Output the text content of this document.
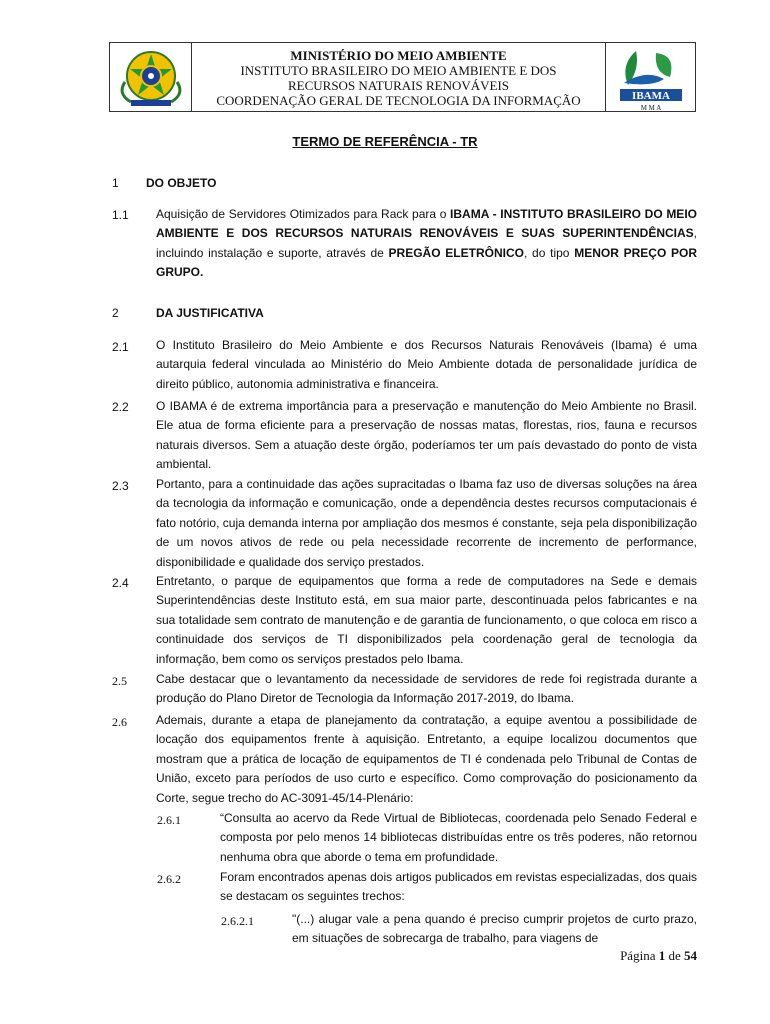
MINISTÉRIO DO MEIO AMBIENTE
INSTITUTO BRASILEIRO DO MEIO AMBIENTE E DOS
RECURSOS NATURAIS RENOVÁVEIS
COORDENAÇÃO GERAL DE TECNOLOGIA DA INFORMAÇÃO	IBAMA
M M A
TERMO DE REFERÊNCIA - TR
1 DO OBJETO
1.1 Aquisição de Servidores Otimizados para Rack para o IBAMA - INSTITUTO BRASILEIRO DO MEIO AMBIENTE E DOS RECURSOS NATURAIS RENOVÁVEIS E SUAS SUPERINTENDÊNCIAS, incluindo instalação e suporte, através de PREGÃO ELETRÔNICO, do tipo MENOR PREÇO POR GRUPO.
2	DA JUSTIFICATIVA
2.1 O Instituto Brasileiro do Meio Ambiente e dos Recursos Naturais Renováveis (Ibama) é uma autarquia federal vinculada ao Ministério do Meio Ambiente dotada de personalidade jurídica de direito público, autonomia administrativa e financeira.
2.2 O IBAMA é de extrema importância para a preservação e manutenção do Meio Ambiente no Brasil. Ele atua de forma eficiente para a preservação de nossas matas, florestas, rios, fauna e recursos naturais diversos. Sem a atuação deste órgão, poderíamos ter um país devastado do ponto de vista ambiental.
2.3 Portanto, para a continuidade das ações supracitadas o Ibama faz uso de diversas soluções na área da tecnologia da informação e comunicação, onde a dependência destes recursos computacionais é fato notório, cuja demanda interna por ampliação dos mesmos é constante, seja pela disponibilização de um novos ativos de rede ou pela necessidade recorrente de incremento de performance, disponibilidade e qualidade dos serviço prestados.
2.4 Entretanto, o parque de equipamentos que forma a rede de computadores na Sede e demais Superintendências deste Instituto está, em sua maior parte, descontinuada pelos fabricantes e na sua totalidade sem contrato de manutenção e de garantia de funcionamento, o que coloca em risco a continuidade dos serviços de TI disponibilizados pela coordenação geral de tecnologia da informação, bem como os serviços prestados pelo Ibama.
2.5 Cabe destacar que o levantamento da necessidade de servidores de rede foi registrada durante a produção do Plano Diretor de Tecnologia da Informação 2017-2019, do Ibama.
2.6 Ademais, durante a etapa de planejamento da contratação, a equipe aventou a possibilidade de locação dos equipamentos frente à aquisição. Entretanto, a equipe localizou documentos que mostram que a prática de locação de equipamentos de TI é condenada pelo Tribunal de Contas de União, exceto para períodos de uso curto e específico. Como comprovação do posicionamento da Corte, segue trecho do AC-3091-45/14-Plenário:
2.6.1	“Consulta ao acervo da Rede Virtual de Bibliotecas, coordenada pelo Senado Federal e composta por pelo menos 14 bibliotecas distribuídas entre os três poderes, não retornou nenhuma obra que aborde o tema em profundidade.
2.6.2	Foram encontrados apenas dois artigos publicados em revistas especializadas, dos quais se destacam os seguintes trechos:
2.6.2.1	"(...) alugar vale a pena quando é preciso cumprir projetos de curto prazo, em situações de sobrecarga de trabalho, para viagens de
Página 1 de 54
